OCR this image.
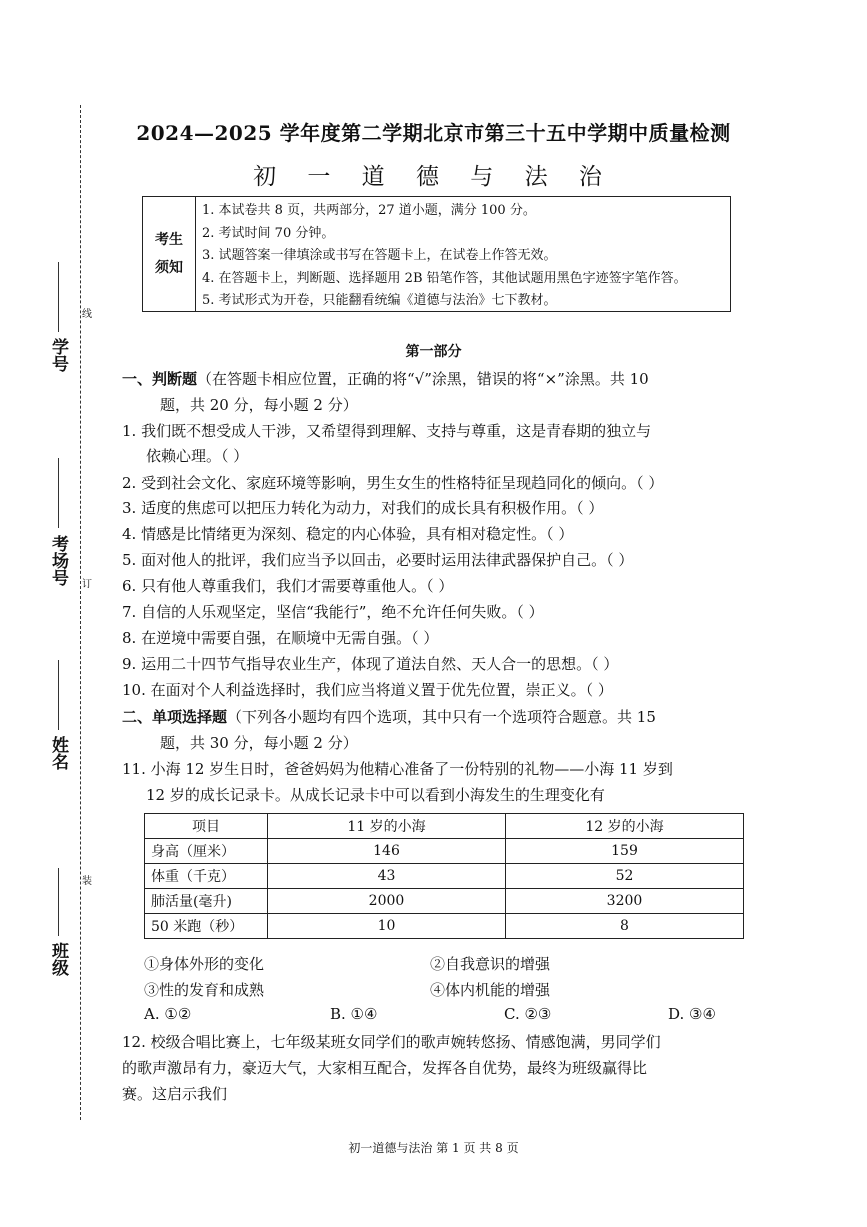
线
订
装
学号
考场号
姓名
班级
2024—2025 学年度第二学期北京市第三十五中学期中质量检测
初 一 道 德 与 法 治
考生
须知
1. 本试卷共 8 页，共两部分，27 道小题，满分 100 分。
2. 考试时间 70 分钟。
3. 试题答案一律填涂或书写在答题卡上，在试卷上作答无效。
4. 在答题卡上，判断题、选择题用 2B 铅笔作答，其他试题用黑色字迹签字笔作答。
5. 考试形式为开卷，只能翻看统编《道德与法治》七下教材。
第一部分
一、判断题（在答题卡相应位置，正确的将“√”涂黑，错误的将“×”涂黑。共 10
题，共 20 分，每小题 2 分）
1. 我们既不想受成人干涉，又希望得到理解、支持与尊重，这是青春期的独立与
依赖心理。（ ）
2. 受到社会文化、家庭环境等影响，男生女生的性格特征呈现趋同化的倾向。（ ）
3. 适度的焦虑可以把压力转化为动力，对我们的成长具有积极作用。（ ）
4. 情感是比情绪更为深刻、稳定的内心体验，具有相对稳定性。（ ）
5. 面对他人的批评，我们应当予以回击，必要时运用法律武器保护自己。（ ）
6. 只有他人尊重我们，我们才需要尊重他人。（ ）
7. 自信的人乐观坚定，坚信“我能行”，绝不允许任何失败。（ ）
8. 在逆境中需要自强，在顺境中无需自强。（ ）
9. 运用二十四节气指导农业生产，体现了道法自然、天人合一的思想。（ ）
10. 在面对个人利益选择时，我们应当将道义置于优先位置，崇正义。（ ）
二、单项选择题（下列各小题均有四个选项，其中只有一个选项符合题意。共 15
题，共 30 分，每小题 2 分）
11. 小海 12 岁生日时，爸爸妈妈为他精心准备了一份特别的礼物——小海 11 岁到
12 岁的成长记录卡。从成长记录卡中可以看到小海发生的生理变化有
项目	11 岁的小海	12 岁的小海
身高（厘米）	146	159
体重（千克）	43	52
肺活量(毫升)	2000	3200
50 米跑（秒）	10	8
①身体外形的变化	②自我意识的增强
③性的发育和成熟	④体内机能的增强
A. ①②	B. ①④	C. ②③	D. ③④
12. 校级合唱比赛上，七年级某班女同学们的歌声婉转悠扬、情感饱满，男同学们
的歌声激昂有力，豪迈大气，大家相互配合，发挥各自优势，最终为班级赢得比
赛。这启示我们
初一道德与法治 第 1 页 共 8 页
